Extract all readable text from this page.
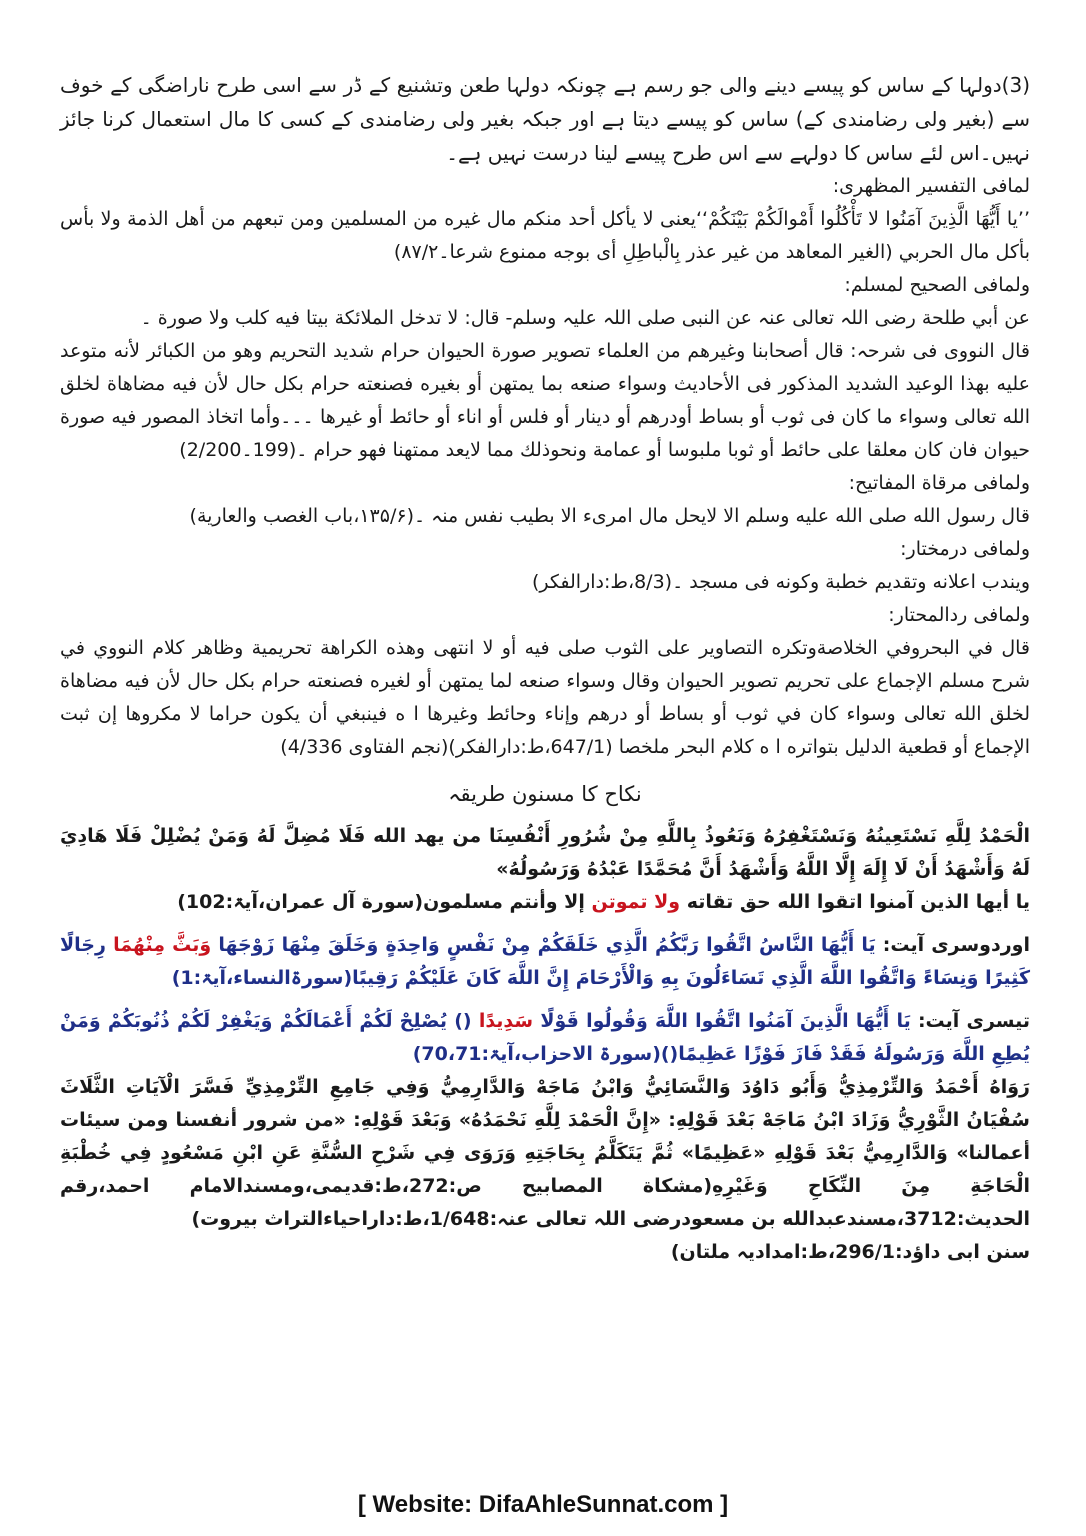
(3)دولہا کے ساس کو پیسے دینے والی جو رسم ہے چونکہ دولہا طعن وتشنیع کے ڈر سے اسی طرح ناراضگی کے خوف سے (بغیر ولی رضامندی کے) ساس کو پیسے دیتا ہے اور جبکہ بغیر ولی رضامندی کے کسی کا مال استعمال کرنا جائز نہیں۔اس لئے ساس کا دولہے سے اس طرح پیسے لینا درست نہیں ہے۔

لمافی التفسیر المظهری:

’’يا أَيُّهَا الَّذِينَ آمَنُوا لا تَأْكُلُوا أَمْوالَكُمْ بَيْنَكُمْ‘‘يعنى لا يأكل أحد منكم مال غيره من المسلمين ومن تبعهم من أهل الذمة ولا بأس بأكل مال الحربي (الغير المعاهد من غير عذر بِالْباطِلِ أى بوجه ممنوع شرعا۔۸۷/۲)

ولمافی الصحیح لمسلم:

عن أبي طلحة رضی اللہ تعالی عنہ عن النبی صلی اللہ علیہ وسلم- قال: لا تدخل الملائكة بيتا فيه كلب ولا صورة ۔

قال النووی فی شرحہ: قال أصحابنا وغيرهم من العلماء تصوير صورة الحيوان حرام شديد التحريم وهو من الكبائر لأنه متوعد عليه بهذا الوعيد الشديد المذكور فی الأحاديث وسواء صنعه بما يمتهن أو بغيره فصنعته حرام بكل حال لأن فيه مضاهاة لخلق الله تعالى وسواء ما كان فی ثوب أو بساط أودرهم أو دينار أو فلس أو اناء أو حائط أو غيرها ۔۔۔وأما اتخاذ المصور فيه صورة حيوان فان كان معلقا على حائط أو ثوبا ملبوسا أو عمامة ونحوذلك مما لايعد ممتهنا فهو حرام ۔(199۔2/200)

ولمافی مرقاة المفاتیح:

قال رسول الله صلى الله عليه وسلم الا لايحل مال امرىء الا بطيب نفس منہ ۔(۱۳۵/۶،باب الغصب والعارية)

ولمافی درمختار:

ويندب اعلانه وتقديم خطبة وكونه فی مسجد ۔(8/3،ط:دارالفكر)

ولمافی ردالمحتار:

قال في البحروفي الخلاصةوتكره التصاوير على الثوب صلى فيه أو لا انتهى وهذه الكراهة تحريمية وظاهر كلام النووي في شرح مسلم الإجماع على تحريم تصوير الحيوان وقال وسواء صنعه لما يمتهن أو لغيره فصنعته حرام بكل حال لأن فيه مضاهاة لخلق الله تعالى وسواء كان في ثوب أو بساط أو درهم وإناء وحائط وغيرها ا ه فينبغي أن يكون حراما لا مكروها إن ثبت الإجماع أو قطعية الدليل بتواتره ا ه كلام البحر ملخصا (647/1،ط:دارالفكر)(نجم الفتاوی 4/336)

نکاح کا مسنون طریقہ

الْحَمْدُ لِلَّهِ نَسْتَعِينُهُ وَنَسْتَغْفِرُهُ وَنَعُوذُ بِاللَّهِ مِنْ شُرُورِ أَنْفُسِنَا من يهد الله فَلَا مُضِلَّ لَهُ وَمَنْ يُضْلِلْ فَلَا هَادِيَ لَهُ وَأَشْهَدُ أَنْ لَا إِلَهَ إِلَّا اللَّهُ وَأَشْهَدُ أَنَّ مُحَمَّدًا عَبْدُهُ وَرَسُولُهُ»

يا أيها الذين آمنوا اتقوا الله حق تقاته ولا تموتن إلا وأنتم مسلمون(سورة آل عمران،آیۃ:102)

اوردوسری آیت: يَا أَيُّهَا النَّاسُ اتَّقُوا رَبَّكُمُ الَّذِي خَلَقَكُمْ مِنْ نَفْسٍ وَاحِدَةٍ وَخَلَقَ مِنْهَا زَوْجَهَا وَبَثَّ مِنْهُمَا رِجَالًا كَثِيرًا وَنِسَاءً وَاتَّقُوا اللَّهَ الَّذِي تَسَاءَلُونَ بِهِ وَالْأَرْحَامَ إِنَّ اللَّهَ كَانَ عَلَيْكُمْ رَقِيبًا(سورۃالنساء،آیۃ:1)

تیسری آیت: يَا أَيُّهَا الَّذِينَ آمَنُوا اتَّقُوا اللَّهَ وَقُولُوا قَوْلًا سَدِيدًا () يُصْلِحْ لَكُمْ أَعْمَالَكُمْ وَيَغْفِرْ لَكُمْ ذُنُوبَكُمْ وَمَنْ يُطِعِ اللَّهَ وَرَسُولَهُ فَقَدْ فَازَ فَوْزًا عَظِيمًا()(سورۃ الاحزاب،آیۃ:70،71)

رَوَاهُ أَحْمَدُ وَالتِّرْمِذِيُّ وَأَبُو دَاوُدَ وَالنَّسَائِيُّ وَابْنُ مَاجَهْ وَالدَّارِمِيُّ وَفِي جَامِعِ التِّرْمِذِيِّ فَسَّرَ الْآيَاتِ الثَّلَاثَ سُفْيَانُ الثَّوْرِيُّ وَزَادَ ابْنُ مَاجَهْ بَعْدَ قَوْلِهِ: «إِنَّ الْحَمْدَ لِلَّهِ نَحْمَدُهُ» وَبَعْدَ قَوْلِهِ: «من شرور أنفسنا ومن سيئات أعمالنا» وَالدَّارِمِيُّ بَعْدَ قَوْلِهِ «عَظِيمًا» ثُمَّ يَتَكَلَّمُ بِحَاجَتِهِ وَرَوَى فِي شَرْحِ السُّنَّةِ عَنِ ابْنِ مَسْعُودٍ فِي خُطْبَةِ الْحَاجَةِ مِنَ النِّكَاحِ وَغَيْرِهِ(مشكاة المصابيح ص:272،ط:قدیمی،ومسندالامام احمد،رقم الحدیث:3712،مسندعبدالله بن مسعودرضی اللہ تعالی عنہ:1/648،ط:داراحیاءالتراث بیروت)

سنن ابی داؤد:296/1،ط:امدادیہ ملتان)

[ Website: DifaAhleSunnat.com ]
